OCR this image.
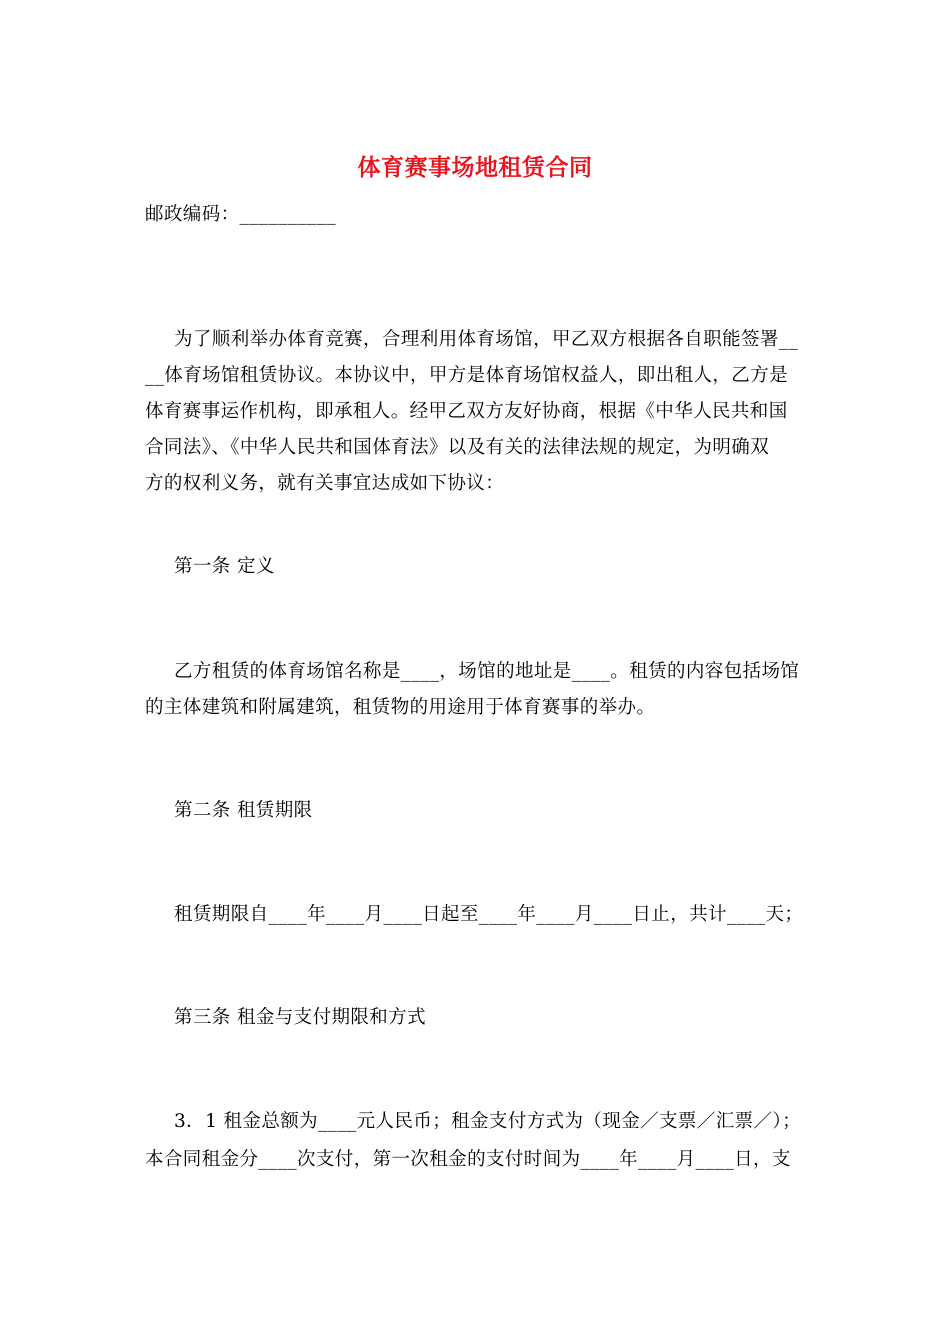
体育赛事场地租赁合同
邮政编码：__________
为了顺利举办体育竞赛，合理利用体育场馆，甲乙双方根据各自职能签署__
__体育场馆租赁协议。本协议中，甲方是体育场馆权益人，即出租人，乙方是
体育赛事运作机构，即承租人。经甲乙双方友好协商，根据《中华人民共和国
合同法》、《中华人民共和国体育法》以及有关的法律法规的规定，为明确双
方的权利义务，就有关事宜达成如下协议：
第一条 定义
乙方租赁的体育场馆名称是____，场馆的地址是____。租赁的内容包括场馆
的主体建筑和附属建筑，租赁物的用途用于体育赛事的举办。
第二条 租赁期限
租赁期限自____年____月____日起至____年____月____日止，共计____天；
第三条 租金与支付期限和方式
3．1 租金总额为____元人民币；租金支付方式为（现金／支票／汇票／）；
本合同租金分____次支付，第一次租金的支付时间为____年____月____日，支
